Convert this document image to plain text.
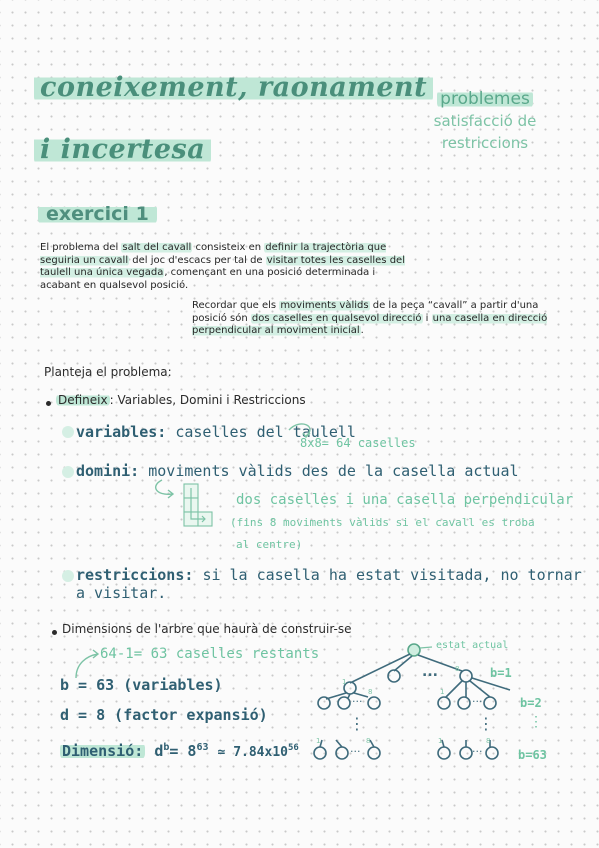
coneixement, raonament
i incertesa
problemes
satisfacció de
restriccions
exercici 1
El problema del salt del cavall consisteix en definir la trajectòria que seguiria un cavall del joc d'escacs per tal de visitar totes les caselles del taulell una única vegada, començant en una posició determinada i acabant en qualsevol posició.
Recordar que els moviments vàlids de la peça “cavall” a partir d'una posició són dos caselles en qualsevol direcció i una casella en direcció perpendicular al moviment inicial.
Planteja el problema:
Defineix : Variables, Domini i Restriccions
variables: caselles del taulell
8x8= 64 caselles
domini: moviments vàlids des de la casella actual
dos caselles i una casella perpendicular
(fins 8 moviments vàlids si el cavall es troba
al centre)
restriccions: si la casella ha estat visitada, no tornar a visitar.
Dimensions de l'arbre que haurà de construir-se
64-1= 63 caselles restants
b = 63 (variables)
d = 8 (factor expansió)
Dimensió: $d^b= 8^{63}$ ≃ $7.84x10^{56}$
estat actual
...
...	...
...	...
⋮	⋮
1
8	1
8
1	8	1	8
b=1
b=2
⋮
b=63
